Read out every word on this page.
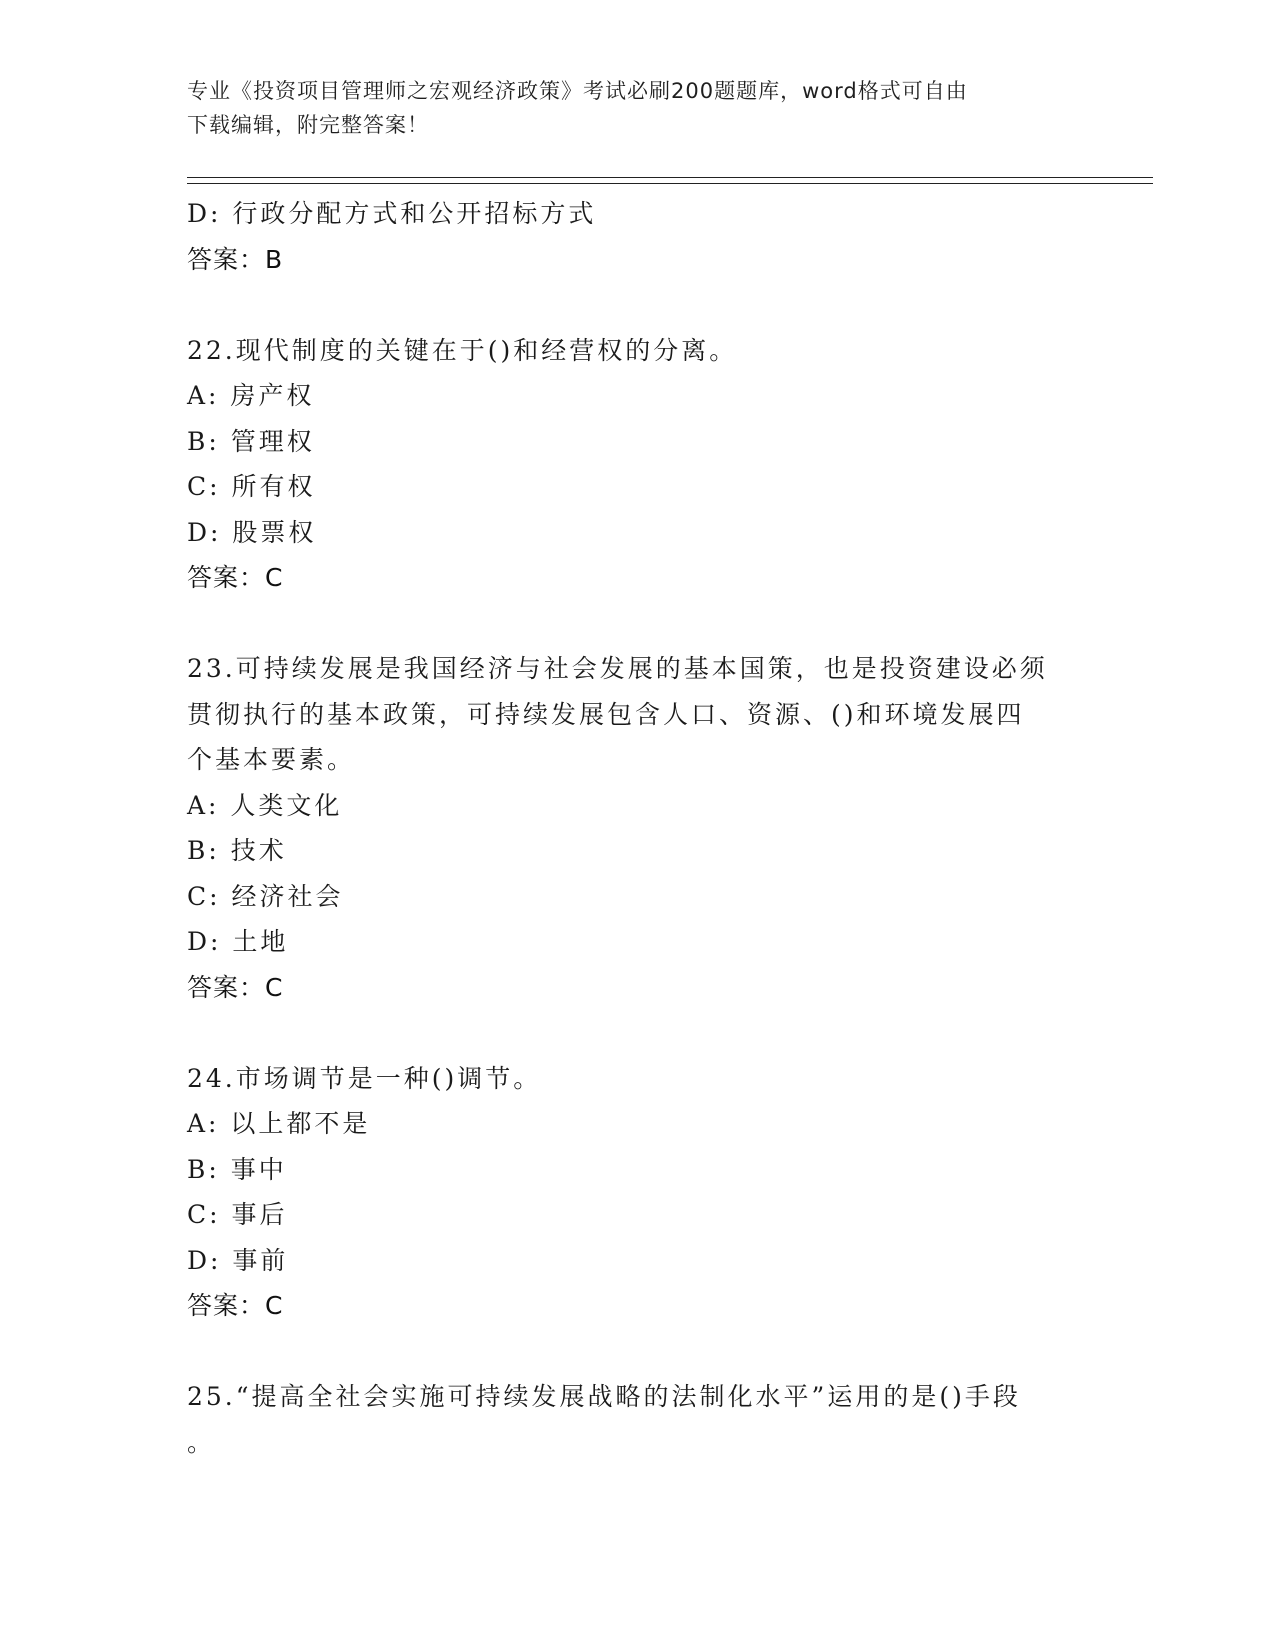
专业《投资项目管理师之宏观经济政策》考试必刷200题题库，word格式可自由
下载编辑，附完整答案！
D: 行政分配方式和公开招标方式
答案：B
22.现代制度的关键在于()和经营权的分离。
A: 房产权
B: 管理权
C: 所有权
D: 股票权
答案：C
23.可持续发展是我国经济与社会发展的基本国策，也是投资建设必须
贯彻执行的基本政策，可持续发展包含人口、资源、()和环境发展四
个基本要素。
A: 人类文化
B: 技术
C: 经济社会
D: 土地
答案：C
24.市场调节是一种()调节。
A: 以上都不是
B: 事中
C: 事后
D: 事前
答案：C
25.“提高全社会实施可持续发展战略的法制化水平”运用的是()手段
。
